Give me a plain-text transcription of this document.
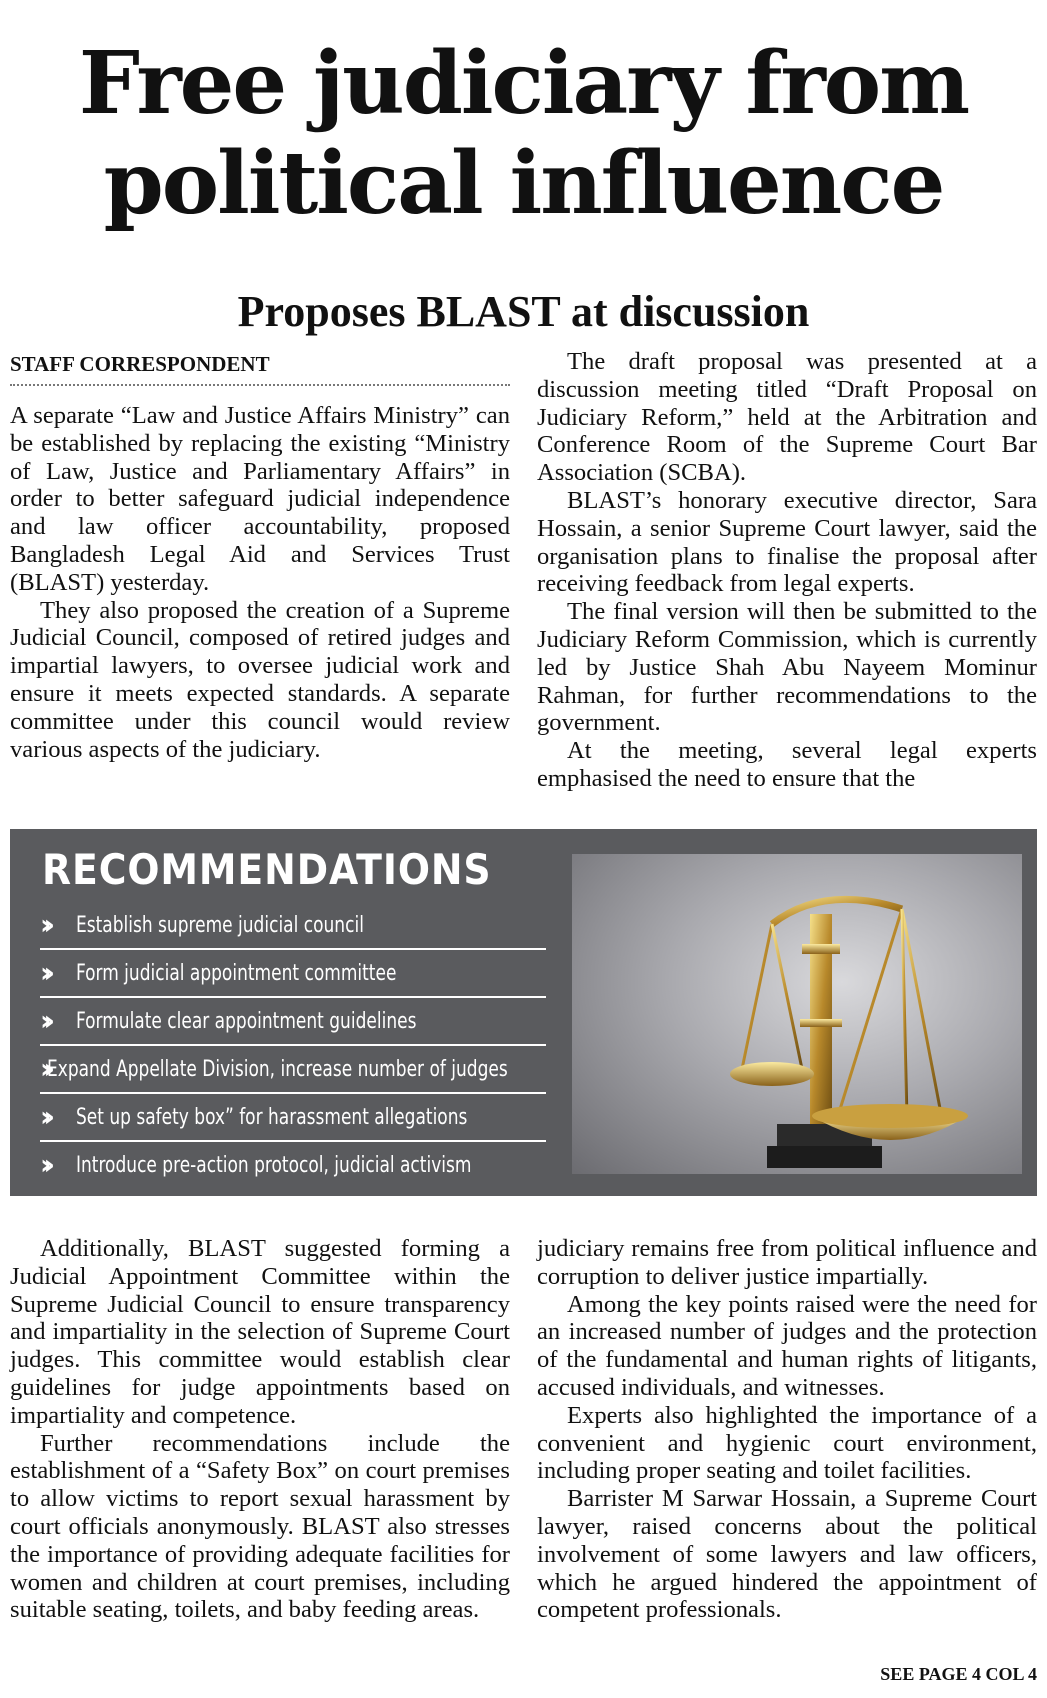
Free judiciary from
political influence
Proposes BLAST at discussion
STAFF CORRESPONDENT

A separate “Law and Justice Affairs Ministry” can be established by replacing the existing “Ministry of Law, Justice and Parliamentary Affairs” in order to better safeguard judicial independence and law officer accountability, proposed Bangladesh Legal Aid and Services Trust (BLAST) yesterday.

They also proposed the creation of a Supreme Judicial Council, composed of retired judges and impartial lawyers, to oversee judicial work and ensure it meets expected standards. A separate committee under this council would review various aspects of the judiciary.

The draft proposal was presented at a discussion meeting titled “Draft Proposal on Judiciary Reform,” held at the Arbitration and Conference Room of the Supreme Court Bar Association (SCBA).

BLAST’s honorary executive director, Sara Hossain, a senior Supreme Court lawyer, said the organisation plans to finalise the proposal after receiving feedback from legal experts.

The final version will then be submitted to the Judiciary Reform Commission, which is currently led by Justice Shah Abu Nayeem Mominur Rahman, for further recommendations to the government.

At the meeting, several legal experts emphasised the need to ensure that the

RECOMMENDATIONS
››	Establish supreme judicial council
››	Form judicial appointment committee
››	Formulate clear appointment guidelines
›› Expand Appellate Division, increase number of judges
››	Set up safety box” for harassment allegations
››	Introduce pre-action protocol, judicial activism

Additionally, BLAST suggested forming a Judicial Appointment Committee within the Supreme Judicial Council to ensure transparency and impartiality in the selection of Supreme Court judges. This committee would establish clear guidelines for judge appointments based on impartiality and competence.

Further recommendations include the establishment of a “Safety Box” on court premises to allow victims to report sexual harassment by court officials anonymously. BLAST also stresses the importance of providing adequate facilities for women and children at court premises, including suitable seating, toilets, and baby feeding areas.

judiciary remains free from political influence and corruption to deliver justice impartially.

Among the key points raised were the need for an increased number of judges and the protection of the fundamental and human rights of litigants, accused individuals, and witnesses.

Experts also highlighted the importance of a convenient and hygienic court environment, including proper seating and toilet facilities.

Barrister M Sarwar Hossain, a Supreme Court lawyer, raised concerns about the political involvement of some lawyers and law officers, which he argued hindered the appointment of competent professionals.

SEE PAGE 4 COL 4
